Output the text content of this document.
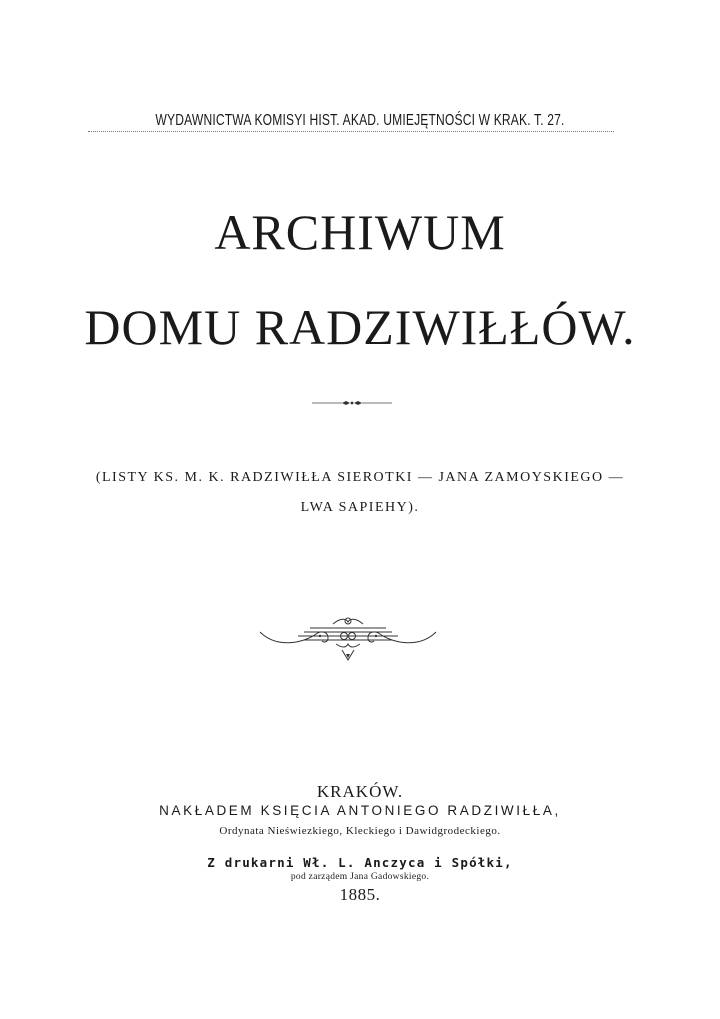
WYDAWNICTWA KOMISYI HIST. AKAD. UMIEJĘTNOŚCI W KRAK. T. 27.
ARCHIWUM
DOMU RADZIWIŁŁÓW.
(LISTY KS. M. K. RADZIWIŁŁA SIEROTKI — JANA ZAMOYSKIEGO —
LWA SAPIEHY).
KRAKÓW.
NAKŁADEM KSIĘCIA ANTONIEGO RADZIWIŁŁA,
Ordynata Nieświezkiego, Kleckiego i Dawidgrodeckiego.
Z drukarni Wł. L. Anczyca i Spółki,
pod zarządem Jana Gadowskiego.
1885.
